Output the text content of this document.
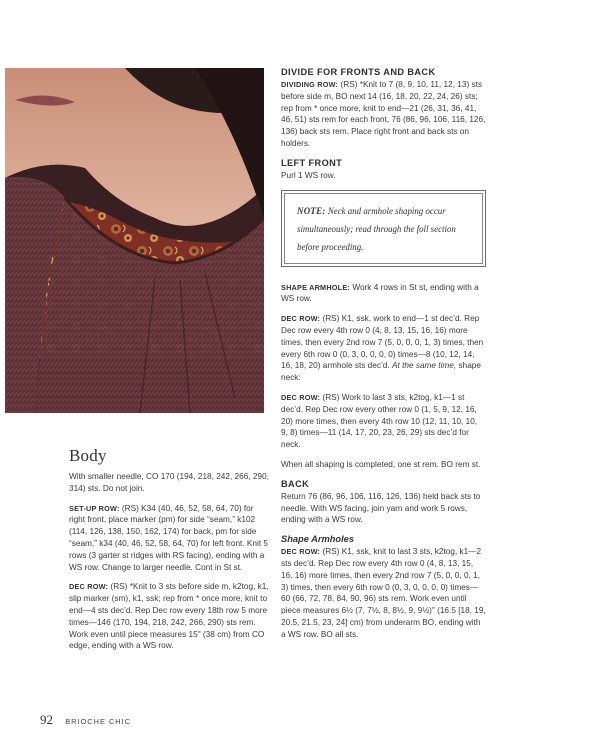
Body

With smaller needle, CO 170 (194, 218, 242, 266, 290, 314) sts. Do not join.

SET-UP ROW: (RS) K34 (40, 46, 52, 58, 64, 70) for right front, place marker (pm) for side “seam,” k102 (114, 126, 138, 150, 162, 174) for back, pm for side “seam,” k34 (40, 46, 52, 58, 64, 70) for left front. Knit 5 rows (3 garter st ridges with RS facing), ending with a WS row. Change to larger needle. Cont in St st.

DEC ROW: (RS) *Knit to 3 sts before side m, k2tog, k1, slip marker (sm), k1, ssk; rep from * once more, knit to end—4 sts dec’d. Rep Dec row every 18th row 5 more times—146 (170, 194, 218, 242, 266, 290) sts rem. Work even until piece measures 15" (38 cm) from CO edge, ending with a WS row.

DIVIDE FOR FRONTS AND BACK

DIVIDING ROW: (RS) *Knit to 7 (8, 9, 10, 11, 12, 13) sts before side m, BO next 14 (16, 18, 20, 22, 24, 26) sts; rep from * once more, knit to end—21 (26, 31, 36, 41, 46, 51) sts rem for each front, 76 (86, 96, 106, 116, 126, 136) back sts rem. Place right front and back sts on holders.

LEFT FRONT

Purl 1 WS row.

NOTE: Neck and armhole shaping occur simultaneously; read through the foll section before proceeding.

SHAPE ARMHOLE: Work 4 rows in St st, ending with a WS row.

DEC ROW: (RS) K1, ssk, work to end—1 st dec’d. Rep Dec row every 4th row 0 (4, 8, 13, 15, 16, 16) more times, then every 2nd row 7 (5, 0, 0, 0, 1, 3) times, then every 6th row 0 (0, 3, 0, 0, 0, 0) times—8 (10, 12, 14, 16, 18, 20) armhole sts dec’d. At the same time, shape neck:

DEC ROW: (RS) Work to last 3 sts, k2tog, k1—1 st dec’d. Rep Dec row every other row 0 (1, 5, 9, 12, 16, 20) more times, then every 4th row 10 (12, 11, 10, 10, 9, 8) times—11 (14, 17, 20, 23, 26, 29) sts dec’d for neck.

When all shaping is completed, one st rem. BO rem st.

BACK

Return 76 (86, 96, 106, 116, 126, 136) held back sts to needle. With WS facing, join yarn and work 5 rows, ending with a WS row.

Shape Armholes

DEC ROW: (RS) K1, ssk, knit to last 3 sts, k2tog, k1—2 sts dec’d. Rep Dec row every 4th row 0 (4, 8, 13, 15, 16, 16) more times, then every 2nd row 7 (5, 0, 0, 0, 1, 3) times, then every 6th row 0 (0, 3, 0, 0, 0, 0) times—60 (66, 72, 78, 84, 90, 96) sts rem. Work even until piece measures 6½ (7, 7½, 8, 8½, 9, 9½)" (16.5 [18, 19, 20.5, 21.5, 23, 24] cm) from underarm BO, ending with a WS row. BO all sts.

92 BRIOCHE CHIC
